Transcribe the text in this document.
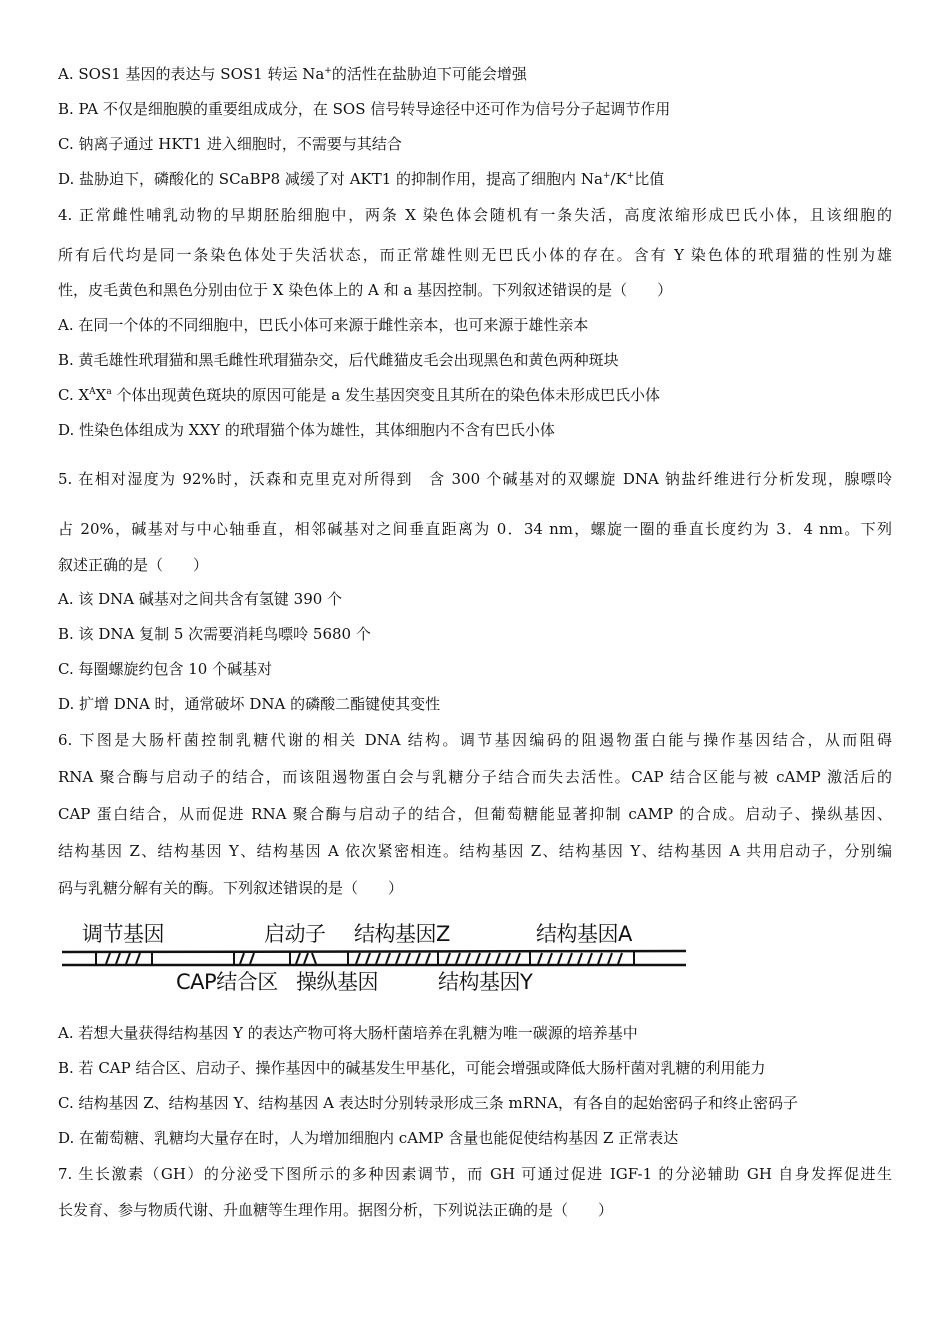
A. SOS1 基因的表达与 SOS1 转运 Na+的活性在盐胁迫下可能会增强
B. PA 不仅是细胞膜的重要组成成分，在 SOS 信号转导途径中还可作为信号分子起调节作用
C. 钠离子通过 HKT1 进入细胞时，不需要与其结合
D. 盐胁迫下，磷酸化的 SCaBP8 减缓了对 AKT1 的抑制作用，提高了细胞内 Na+/K+比值
4. 正常雌性哺乳动物的早期胚胎细胞中，两条 X 染色体会随机有一条失活，高度浓缩形成巴氏小体，且该细胞的
所有后代均是同一条染色体处于失活状态，而正常雄性则无巴氏小体的存在。含有 Y 染色体的玳瑁猫的性别为雄
性，皮毛黄色和黑色分别由位于 X 染色体上的 A 和 a 基因控制。下列叙述错误的是（　　）
A. 在同一个体的不同细胞中，巴氏小体可来源于雌性亲本，也可来源于雄性亲本
B. 黄毛雄性玳瑁猫和黑毛雌性玳瑁猫杂交，后代雌猫皮毛会出现黑色和黄色两种斑块
C. $X^AX^a$ 个体出现黄色斑块的原因可能是 a 发生基因突变且其所在的染色体未形成巴氏小体
D. 性染色体组成为 XXY 的玳瑁猫个体为雄性，其体细胞内不含有巴氏小体
5. 在相对湿度为 92%时，沃森和克里克对所得到　含 300 个碱基对的双螺旋 DNA 钠盐纤维进行分析发现，腺嘌呤
占 20%，碱基对与中心轴垂直，相邻碱基对之间垂直距离为 0．34 nm，螺旋一圈的垂直长度约为 3．4 nm。下列
叙述正确的是（　　）
A. 该 DNA 碱基对之间共含有氢键 390 个
B. 该 DNA 复制 5 次需要消耗鸟嘌呤 5680 个
C. 每圈螺旋约包含 10 个碱基对
D. 扩增 DNA 时，通常破坏 DNA 的磷酸二酯键使其变性
6. 下图是大肠杆菌控制乳糖代谢的相关 DNA 结构。调节基因编码的阻遏物蛋白能与操作基因结合，从而阻碍
RNA 聚合酶与启动子的结合，而该阻遏物蛋白会与乳糖分子结合而失去活性。CAP 结合区能与被 cAMP 激活后的
CAP 蛋白结合，从而促进 RNA 聚合酶与启动子的结合，但葡萄糖能显著抑制 cAMP 的合成。启动子、操纵基因、
结构基因 Z、结构基因 Y、结构基因 A 依次紧密相连。结构基因 Z、结构基因 Y、结构基因 A 共用启动子，分别编
码与乳糖分解有关的酶。下列叙述错误的是（　　）
调节基因	启动子 结构基因Z	结构基因A
CAP结合区 操纵基因	结构基因Y
A. 若想大量获得结构基因 Y 的表达产物可将大肠杆菌培养在乳糖为唯一碳源的培养基中
B. 若 CAP 结合区、启动子、操作基因中的碱基发生甲基化，可能会增强或降低大肠杆菌对乳糖的利用能力
C. 结构基因 Z、结构基因 Y、结构基因 A 表达时分别转录形成三条 mRNA，有各自的起始密码子和终止密码子
D. 在葡萄糖、乳糖均大量存在时，人为增加细胞内 cAMP 含量也能促使结构基因 Z 正常表达
7. 生长激素（GH）的分泌受下图所示的多种因素调节，而 GH 可通过促进 IGF-1 的分泌辅助 GH 自身发挥促进生
长发育、参与物质代谢、升血糖等生理作用。据图分析，下列说法正确的是（　　）
